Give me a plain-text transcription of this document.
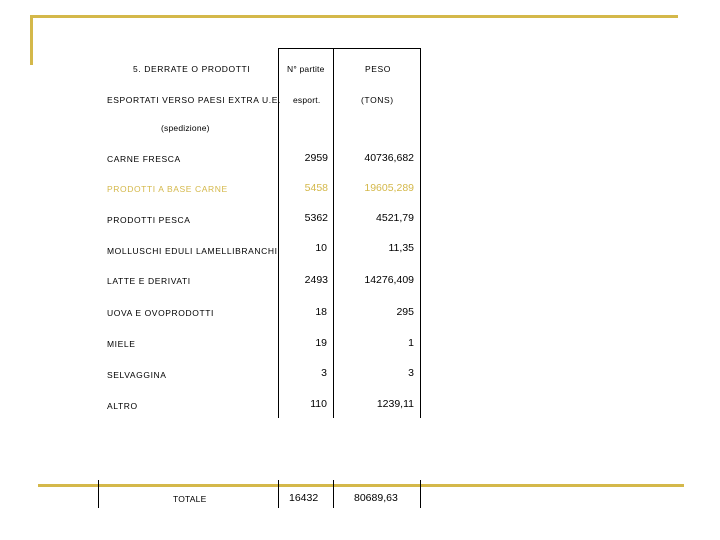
5. DERRATE O PRODOTTI
ESPORTATI VERSO PAESI EXTRA U.E.
(spedizione)
N° partite
esport.
PESO
(TONS)
CARNE FRESCA	2959	40736,682
PRODOTTI A BASE CARNE	5458	19605,289
PRODOTTI PESCA	5362	4521,79
MOLLUSCHI EDULI LAMELLIBRANCHI	10	11,35
LATTE E DERIVATI	2493	14276,409
UOVA E OVOPRODOTTI	18	295
MIELE	19	1
SELVAGGINA	3	3
ALTRO	110	1239,11
TOTALE	16432	80689,63
